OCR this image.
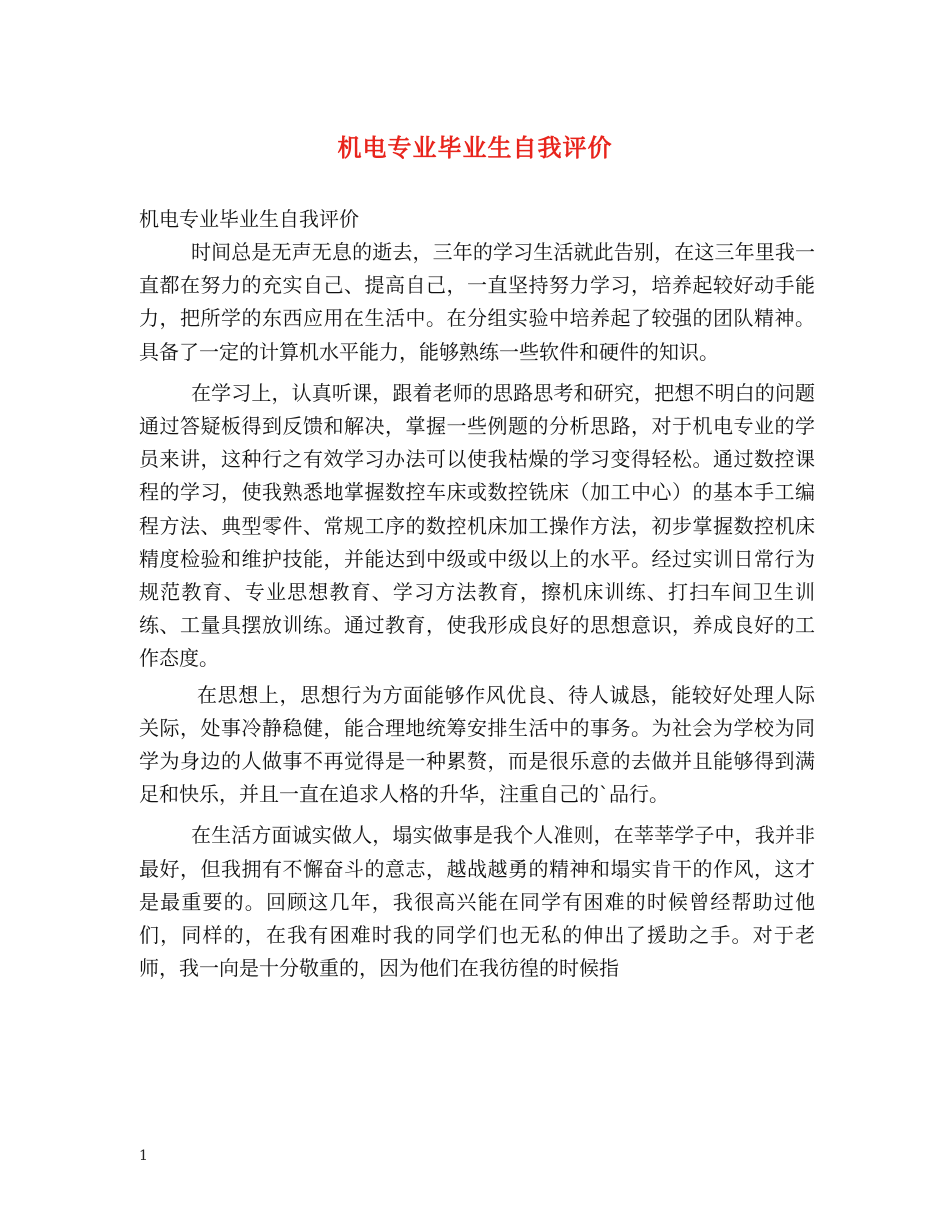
机电专业毕业生自我评价

机电专业毕业生自我评价

时间总是无声无息的逝去，三年的学习生活就此告别，在这三年里我一直都在努力的充实自己、提高自己，一直坚持努力学习，培养起较好动手能力，把所学的东西应用在生活中。在分组实验中培养起了较强的团队精神。具备了一定的计算机水平能力，能够熟练一些软件和硬件的知识。

在学习上，认真听课，跟着老师的思路思考和研究，把想不明白的问题通过答疑板得到反馈和解决，掌握一些例题的分析思路，对于机电专业的学员来讲，这种行之有效学习办法可以使我枯燥的学习变得轻松。通过数控课程的学习，使我熟悉地掌握数控车床或数控铣床（加工中心）的基本手工编程方法、典型零件、常规工序的数控机床加工操作方法，初步掌握数控机床精度检验和维护技能，并能达到中级或中级以上的水平。经过实训日常行为规范教育、专业思想教育、学习方法教育，擦机床训练、打扫车间卫生训练、工量具摆放训练。通过教育，使我形成良好的思想意识，养成良好的工作态度。

在思想上，思想行为方面能够作风优良、待人诚恳，能较好处理人际关际，处事冷静稳健，能合理地统筹安排生活中的事务。为社会为学校为同学为身边的人做事不再觉得是一种累赘，而是很乐意的去做并且能够得到满足和快乐，并且一直在追求人格的升华，注重自己的`品行。

在生活方面诚实做人，塌实做事是我个人准则，在莘莘学子中，我并非最好，但我拥有不懈奋斗的意志，越战越勇的精神和塌实肯干的作风，这才是最重要的。回顾这几年，我很高兴能在同学有困难的时候曾经帮助过他们，同样的，在我有困难时我的同学们也无私的伸出了援助之手。对于老师，我一向是十分敬重的，因为他们在我彷徨的时候指

1
